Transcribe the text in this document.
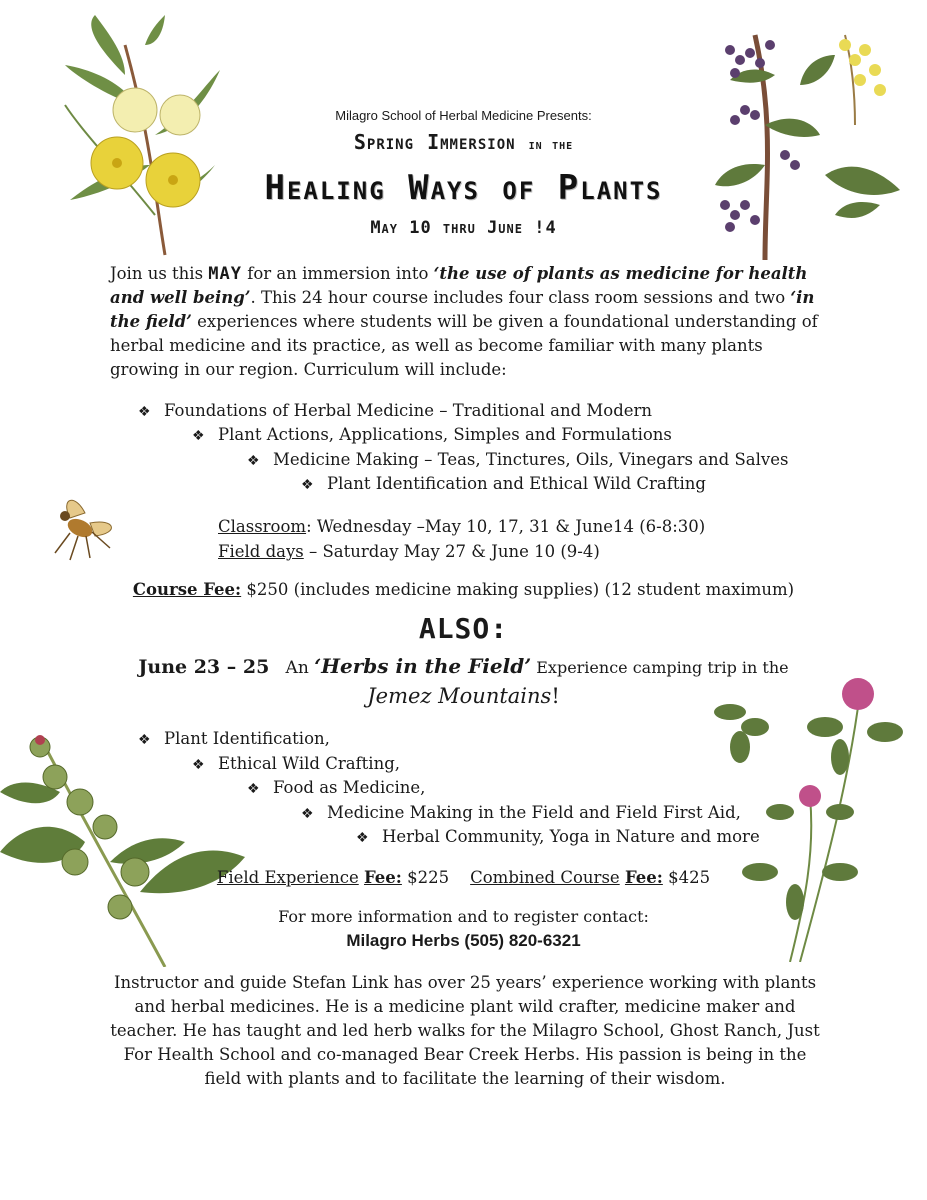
Milagro School of Herbal Medicine Presents:
Spring Immersion in the
Healing Ways of Plants
May 10 thru June !4
Join us this MAY for an immersion into ‘the use of plants as medicine for health and well being’. This 24 hour course includes four class room sessions and two ‘in the field’ experiences where students will be given a foundational understanding of herbal medicine and its practice, as well as become familiar with many plants growing in our region. Curriculum will include:
❖ Foundations of Herbal Medicine – Traditional and Modern
❖ Plant Actions, Applications, Simples and Formulations
❖ Medicine Making – Teas, Tinctures, Oils, Vinegars and Salves
❖ Plant Identification and Ethical Wild Crafting
Classroom: Wednesday –May 10, 17, 31 & June14 (6-8:30)
Field days – Saturday May 27 & June 10 (9-4)
Course Fee: $250 (includes medicine making supplies) (12 student maximum)
ALSO:
June 23 – 25 An ‘Herbs in the Field’ Experience camping trip in the
Jemez Mountains!
❖ Plant Identification,
❖ Ethical Wild Crafting,
❖ Food as Medicine,
❖ Medicine Making in the Field and Field First Aid,
❖ Herbal Community, Yoga in Nature and more
Field Experience Fee: $225 Combined Course Fee: $425
For more information and to register contact:
Milagro Herbs (505) 820-6321
Instructor and guide Stefan Link has over 25 years’ experience working with plants and herbal medicines. He is a medicine plant wild crafter, medicine maker and teacher. He has taught and led herb walks for the Milagro School, Ghost Ranch, Just For Health School and co-managed Bear Creek Herbs. His passion is being in the field with plants and to facilitate the learning of their wisdom.
